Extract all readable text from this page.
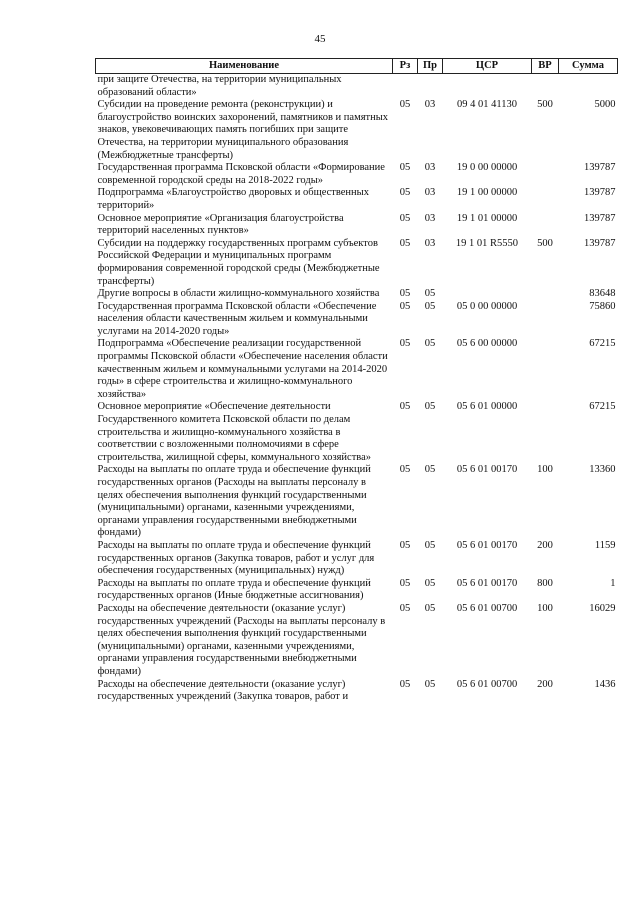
45
Наименование	Рз	Пр	ЦСР	ВР	Сумма
при защите Отечества, на территории муниципальных образований области»					
Субсидии на проведение ремонта (реконструкции) и благоустройство воинских захоронений, памятников и памятных знаков, увековечивающих память погибших при защите Отечества, на территории муниципального образования (Межбюджетные трансферты)	05	03	09 4 01 41130	500	5000
Государственная программа Псковской области «Формирование современной городской среды на 2018-2022 годы»	05	03	19 0 00 00000		139787
Подпрограмма «Благоустройство дворовых и общественных территорий»	05	03	19 1 00 00000		139787
Основное мероприятие «Организация благоустройства территорий населенных пунктов»	05	03	19 1 01 00000		139787
Субсидии на поддержку государственных программ субъектов Российской Федерации и муниципальных программ формирования современной городской среды (Межбюджетные трансферты)	05	03	19 1 01 R5550	500	139787
Другие вопросы в области жилищно-коммунального хозяйства	05	05			83648
Государственная программа Псковской области «Обеспечение населения области качественным жильем и коммунальными услугами на 2014-2020 годы»	05	05	05 0 00 00000		75860
Подпрограмма «Обеспечение реализации государственной программы Псковской области «Обеспечение населения области качественным жильем и коммунальными услугами на 2014-2020 годы» в сфере строительства и жилищно-коммунального хозяйства»	05	05	05 6 00 00000		67215
Основное мероприятие «Обеспечение деятельности Государственного комитета Псковской области по делам строительства и жилищно-коммунального хозяйства в соответствии с возложенными полномочиями в сфере строительства, жилищной сферы, коммунального хозяйства»	05	05	05 6 01 00000		67215
Расходы на выплаты по оплате труда и обеспечение функций государственных органов (Расходы на выплаты персоналу в целях обеспечения выполнения функций государственными (муниципальными) органами, казенными учреждениями, органами управления государственными внебюджетными фондами)	05	05	05 6 01 00170	100	13360
Расходы на выплаты по оплате труда и обеспечение функций государственных органов (Закупка товаров, работ и услуг для обеспечения государственных (муниципальных) нужд)	05	05	05 6 01 00170	200	1159
Расходы на выплаты по оплате труда и обеспечение функций государственных органов (Иные бюджетные ассигнования)	05	05	05 6 01 00170	800	1
Расходы на обеспечение деятельности (оказание услуг) государственных учреждений (Расходы на выплаты персоналу в целях обеспечения выполнения функций государственными (муниципальными) органами, казенными учреждениями, органами управления государственными внебюджетными фондами)	05	05	05 6 01 00700	100	16029
Расходы на обеспечение деятельности (оказание услуг) государственных учреждений (Закупка товаров, работ и	05	05	05 6 01 00700	200	1436
